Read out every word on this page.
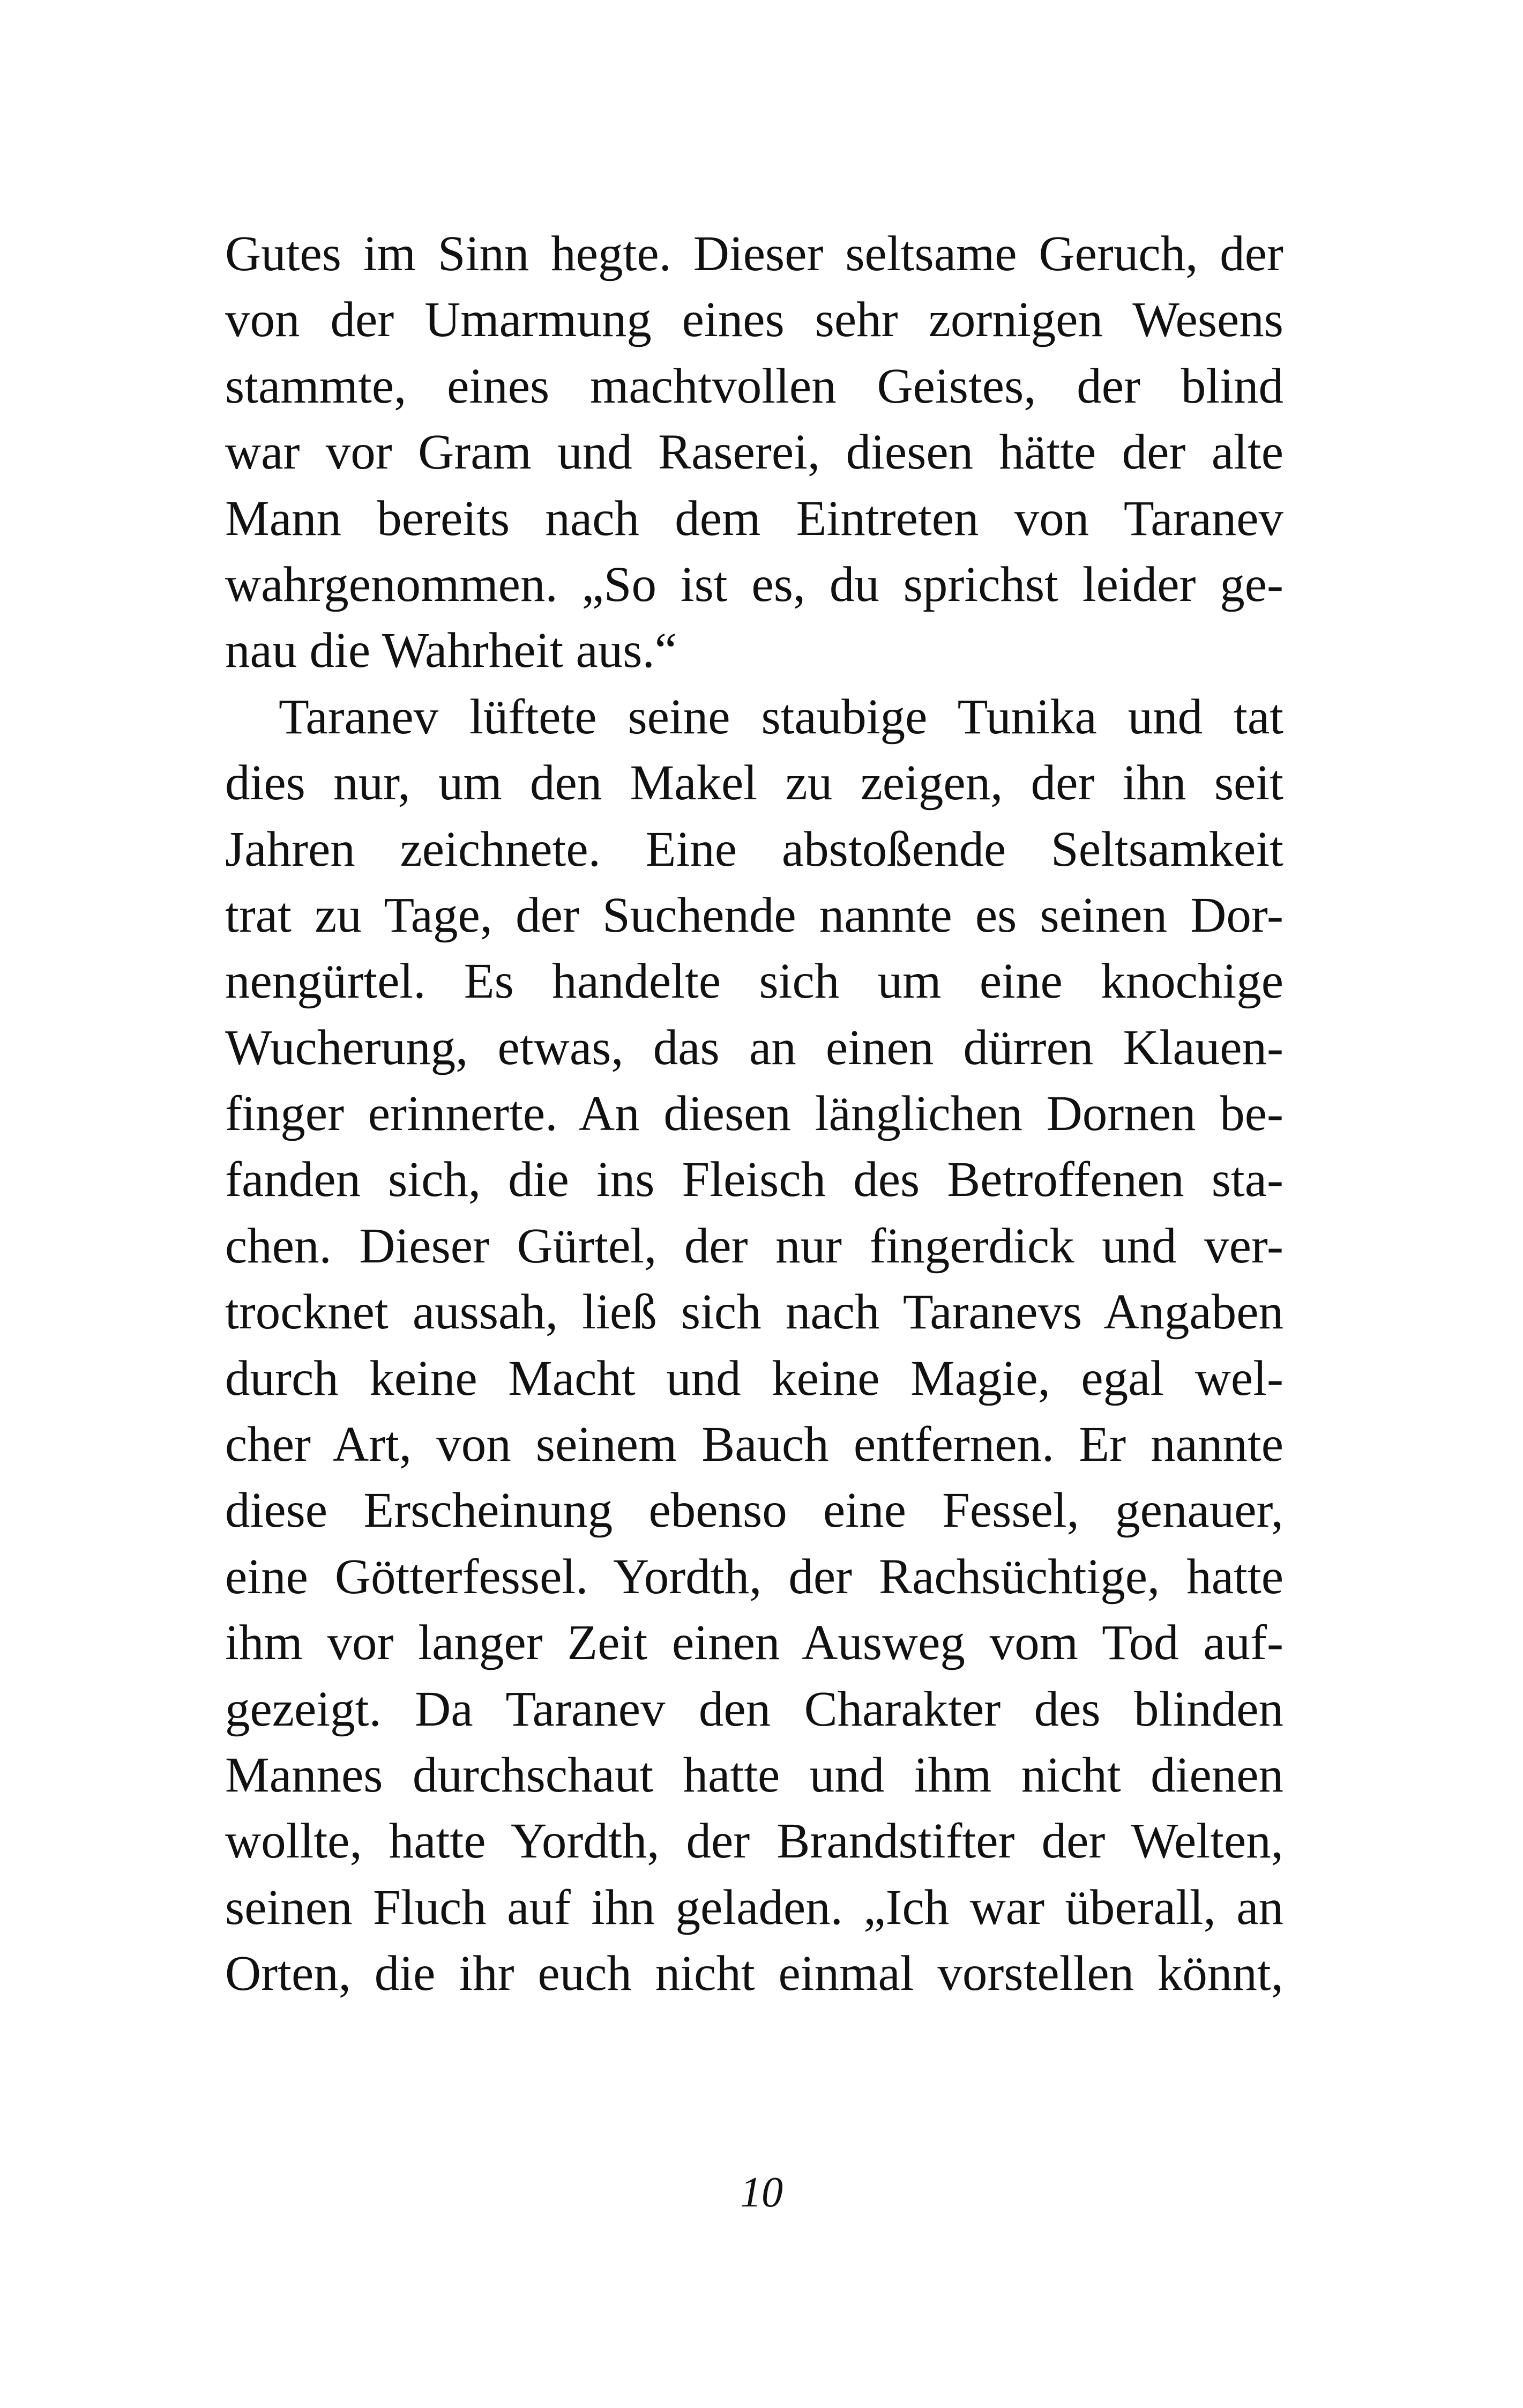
Gutes im Sinn hegte. Dieser seltsame Geruch, der
von der Umarmung eines sehr zornigen Wesens
stammte, eines machtvollen Geistes, der blind
war vor Gram und Raserei, diesen hätte der alte
Mann bereits nach dem Eintreten von Taranev
wahrgenommen. „So ist es, du sprichst leider ge-
nau die Wahrheit aus.“
Taranev lüftete seine staubige Tunika und tat
dies nur, um den Makel zu zeigen, der ihn seit
Jahren zeichnete. Eine abstoßende Seltsamkeit
trat zu Tage, der Suchende nannte es seinen Dor-
nengürtel. Es handelte sich um eine knochige
Wucherung, etwas, das an einen dürren Klauen-
finger erinnerte. An diesen länglichen Dornen be-
fanden sich, die ins Fleisch des Betroffenen sta-
chen. Dieser Gürtel, der nur fingerdick und ver-
trocknet aussah, ließ sich nach Taranevs Angaben
durch keine Macht und keine Magie, egal wel-
cher Art, von seinem Bauch entfernen. Er nannte
diese Erscheinung ebenso eine Fessel, genauer,
eine Götterfessel. Yordth, der Rachsüchtige, hatte
ihm vor langer Zeit einen Ausweg vom Tod auf-
gezeigt. Da Taranev den Charakter des blinden
Mannes durchschaut hatte und ihm nicht dienen
wollte, hatte Yordth, der Brandstifter der Welten,
seinen Fluch auf ihn geladen. „Ich war überall, an
Orten, die ihr euch nicht einmal vorstellen könnt,
10
